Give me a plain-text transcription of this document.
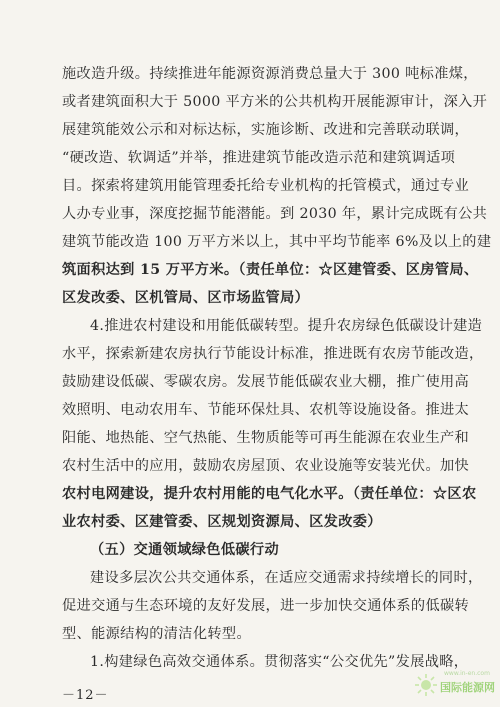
施改造升级。持续推进年能源资源消费总量大于 300 吨标准煤，
或者建筑面积大于 5000 平方米的公共机构开展能源审计，深入开
展建筑能效公示和对标达标，实施诊断、改进和完善联动联调，
“硬改造、软调适”并举，推进建筑节能改造示范和建筑调适项
目。探索将建筑用能管理委托给专业机构的托管模式，通过专业
人办专业事，深度挖掘节能潜能。到 2030 年，累计完成既有公共
建筑节能改造 100 万平方米以上，其中平均节能率 6%及以上的建
筑面积达到 15 万平方米。（责任单位：☆区建管委、区房管局、
区发改委、区机管局、区市场监管局）
4.推进农村建设和用能低碳转型。提升农房绿色低碳设计建造
水平，探索新建农房执行节能设计标准，推进既有农房节能改造，
鼓励建设低碳、零碳农房。发展节能低碳农业大棚，推广使用高
效照明、电动农用车、节能环保灶具、农机等设施设备。推进太
阳能、地热能、空气热能、生物质能等可再生能源在农业生产和
农村生活中的应用，鼓励农房屋顶、农业设施等安装光伏。加快
农村电网建设，提升农村用能的电气化水平。（责任单位：☆区农
业农村委、区建管委、区规划资源局、区发改委）
（五）交通领域绿色低碳行动
建设多层次公共交通体系，在适应交通需求持续增长的同时，
促进交通与生态环境的友好发展，进一步加快交通体系的低碳转
型、能源结构的清洁化转型。
1.构建绿色高效交通体系。贯彻落实“公交优先”发展战略，
－12－
www.in-en.com
国际能源网
